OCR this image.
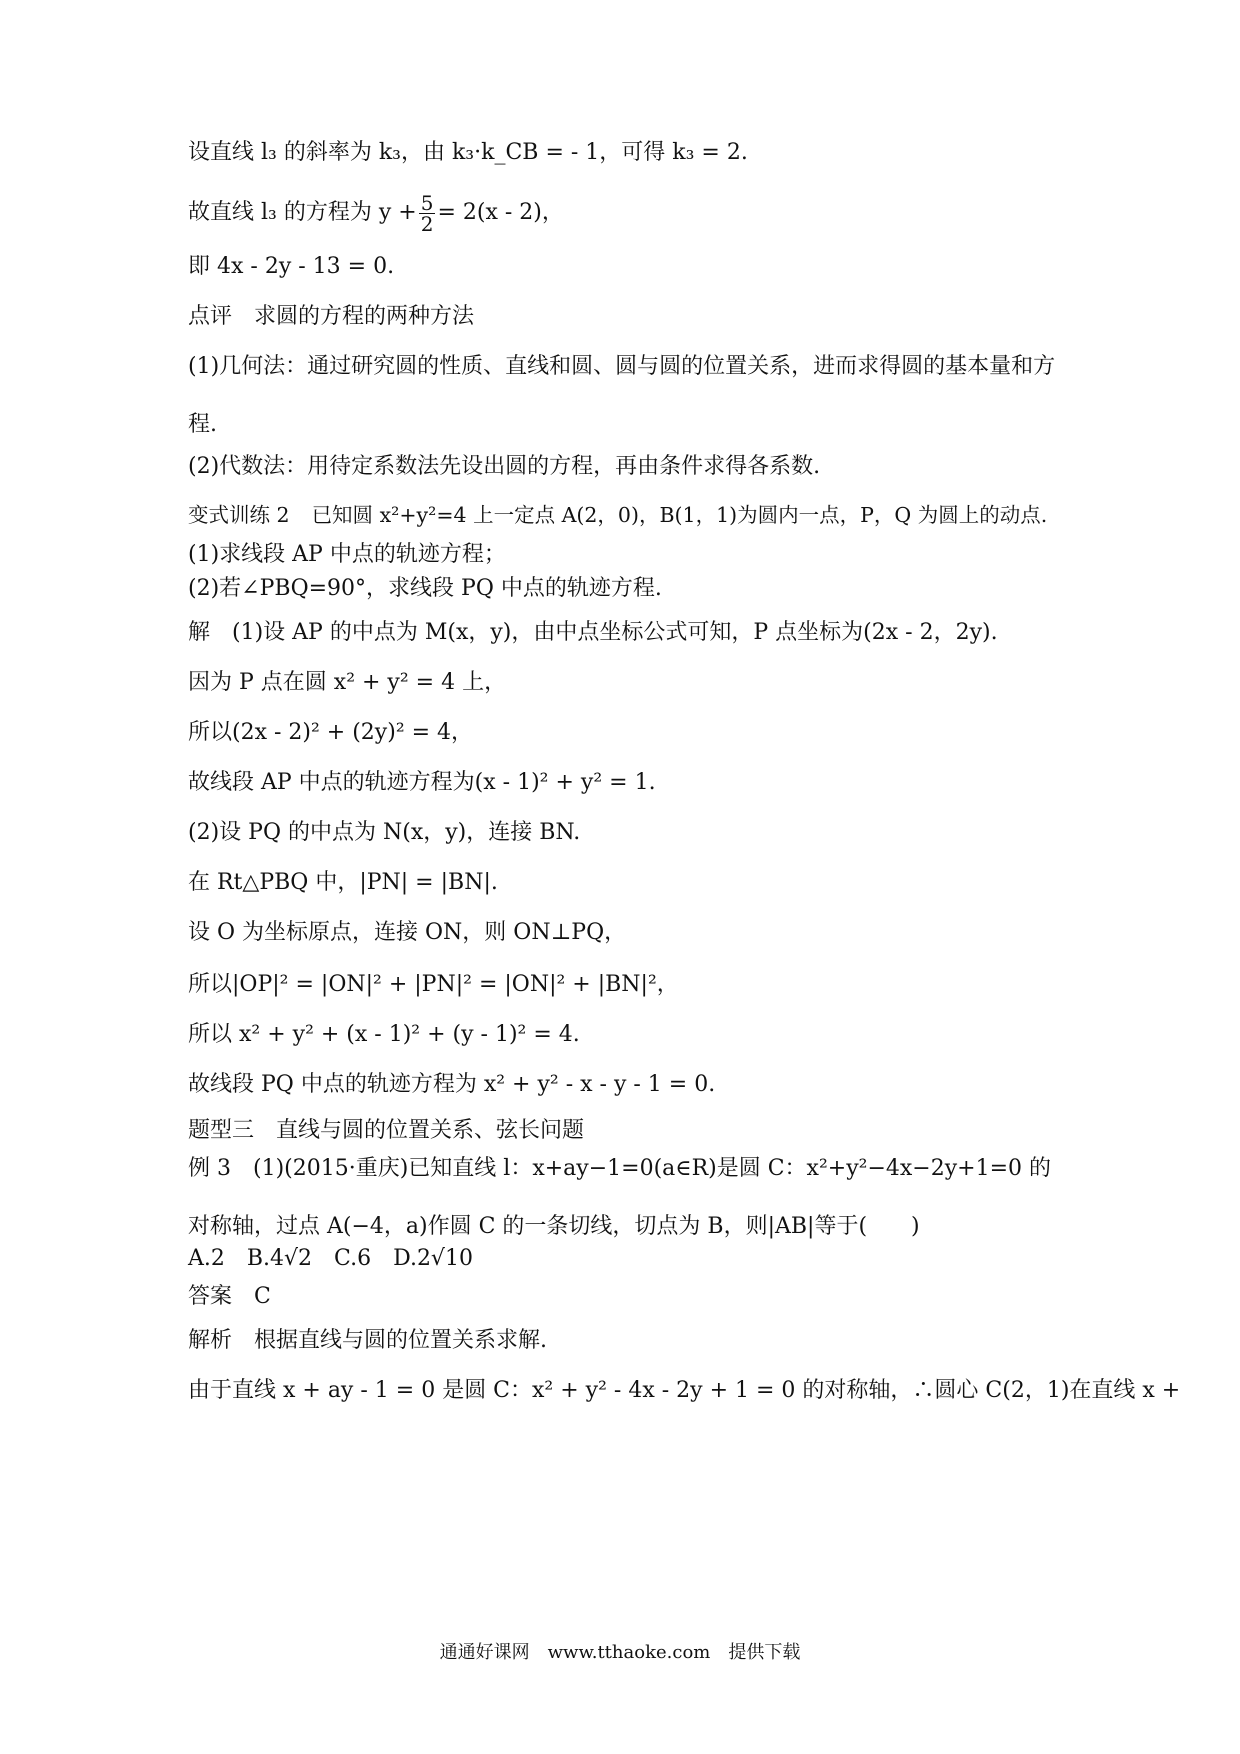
设直线 l₃ 的斜率为 k₃，由 k₃·k_CB = - 1，可得 k₃ = 2.
故直线 l₃ 的方程为 $y + \frac{5}{2} = 2(x - 2)$，
即 4x - 2y - 13 = 0.
点评 求圆的方程的两种方法
(1)几何法：通过研究圆的性质、直线和圆、圆与圆的位置关系，进而求得圆的基本量和方程.
(2)代数法：用待定系数法先设出圆的方程，再由条件求得各系数.
变式训练 2 已知圆 x²+y²=4 上一定点 A(2，0)，B(1，1)为圆内一点，P，Q 为圆上的动点.
(1)求线段 AP 中点的轨迹方程；
(2)若∠PBQ=90°，求线段 PQ 中点的轨迹方程.
解 (1)设 AP 的中点为 M(x，y)，由中点坐标公式可知，P 点坐标为(2x - 2，2y).
因为 P 点在圆 x² + y² = 4 上，
所以(2x - 2)² + (2y)² = 4，
故线段 AP 中点的轨迹方程为(x - 1)² + y² = 1.
(2)设 PQ 的中点为 N(x，y)，连接 BN.
在 Rt△PBQ 中，|PN| = |BN|.
设 O 为坐标原点，连接 ON，则 ON⊥PQ，
所以|OP|² = |ON|² + |PN|² = |ON|² + |BN|²，
所以 x² + y² + (x - 1)² + (y - 1)² = 4.
故线段 PQ 中点的轨迹方程为 x² + y² - x - y - 1 = 0.
题型三 直线与圆的位置关系、弦长问题
例 3 (1)(2015·重庆)已知直线 l：x+ay−1=0(a∈R)是圆 C：x²+y²−4x−2y+1=0 的对称轴，过点 A(−4，a)作圆 C 的一条切线，切点为 B，则|AB|等于(　　)
A.2　B.4√2　C.6　D.2√10
答案 C
解析 根据直线与圆的位置关系求解.
由于直线 x + ay - 1 = 0 是圆 C：x² + y² - 4x - 2y + 1 = 0 的对称轴，∴圆心 C(2，1)在直线 x +
通通好课网　www.tthaoke.com　提供下载
